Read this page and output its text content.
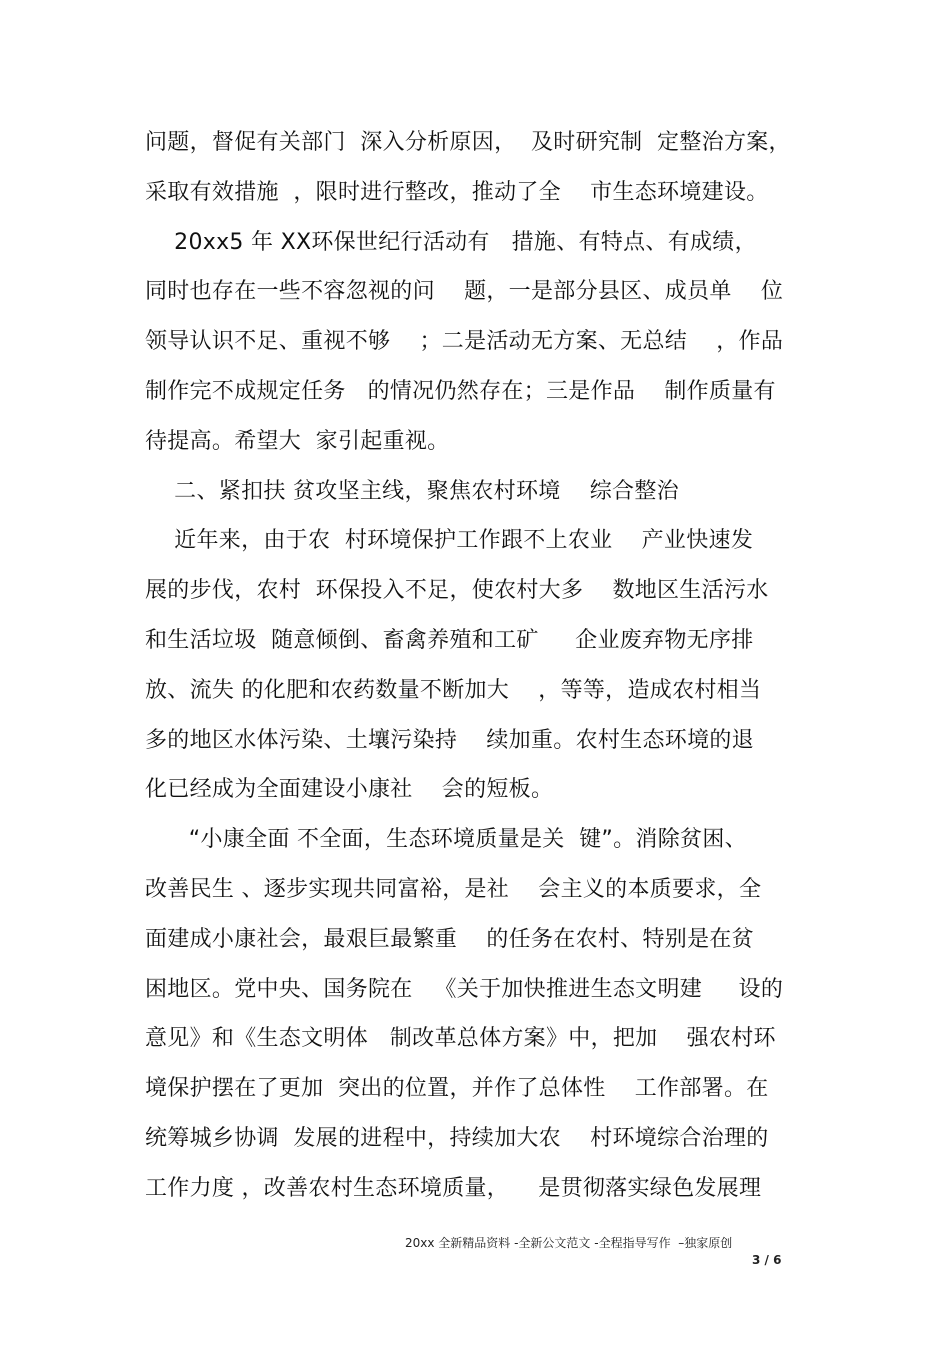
问题，督促有关部门  深入分析原因，  及时研究制  定整治方案，
采取有效措施  ，限时进行整改，推动了全    市生态环境建设。
20xx5 年 XX环保世纪行活动有   措施、有特点、有成绩，
同时也存在一些不容忽视的问    题，一是部分县区、成员单    位
领导认识不足、重视不够    ；二是活动无方案、无总结    ，作品
制作完不成规定任务   的情况仍然存在；三是作品    制作质量有
待提高。希望大  家引起重视。
二、紧扣扶 贫攻坚主线，聚焦农村环境    综合整治
近年来，由于农  村环境保护工作跟不上农业    产业快速发
展的步伐，农村  环保投入不足，使农村大多    数地区生活污水
和生活垃圾  随意倾倒、畜禽养殖和工矿     企业废弃物无序排
放、流失 的化肥和农药数量不断加大    ，等等，造成农村相当
多的地区水体污染、土壤污染持    续加重。农村生态环境的退
化已经成为全面建设小康社    会的短板。
“小康全面 不全面，生态环境质量是关  键”。消除贫困、
改善民生 、逐步实现共同富裕，是社    会主义的本质要求，全
面建成小康社会，最艰巨最繁重    的任务在农村、特别是在贫
困地区。党中央、国务院在   《关于加快推进生态文明建     设的
意见》和《生态文明体   制改革总体方案》中，把加    强农村环
境保护摆在了更加  突出的位置，并作了总体性    工作部署。在
统筹城乡协调  发展的进程中，持续加大农    村环境综合治理的
工作力度 ，改善农村生态环境质量，    是贯彻落实绿色发展理
20xx 全新精品资料 -全新公文范文 -全程指导写作  –独家原创
3 / 6
